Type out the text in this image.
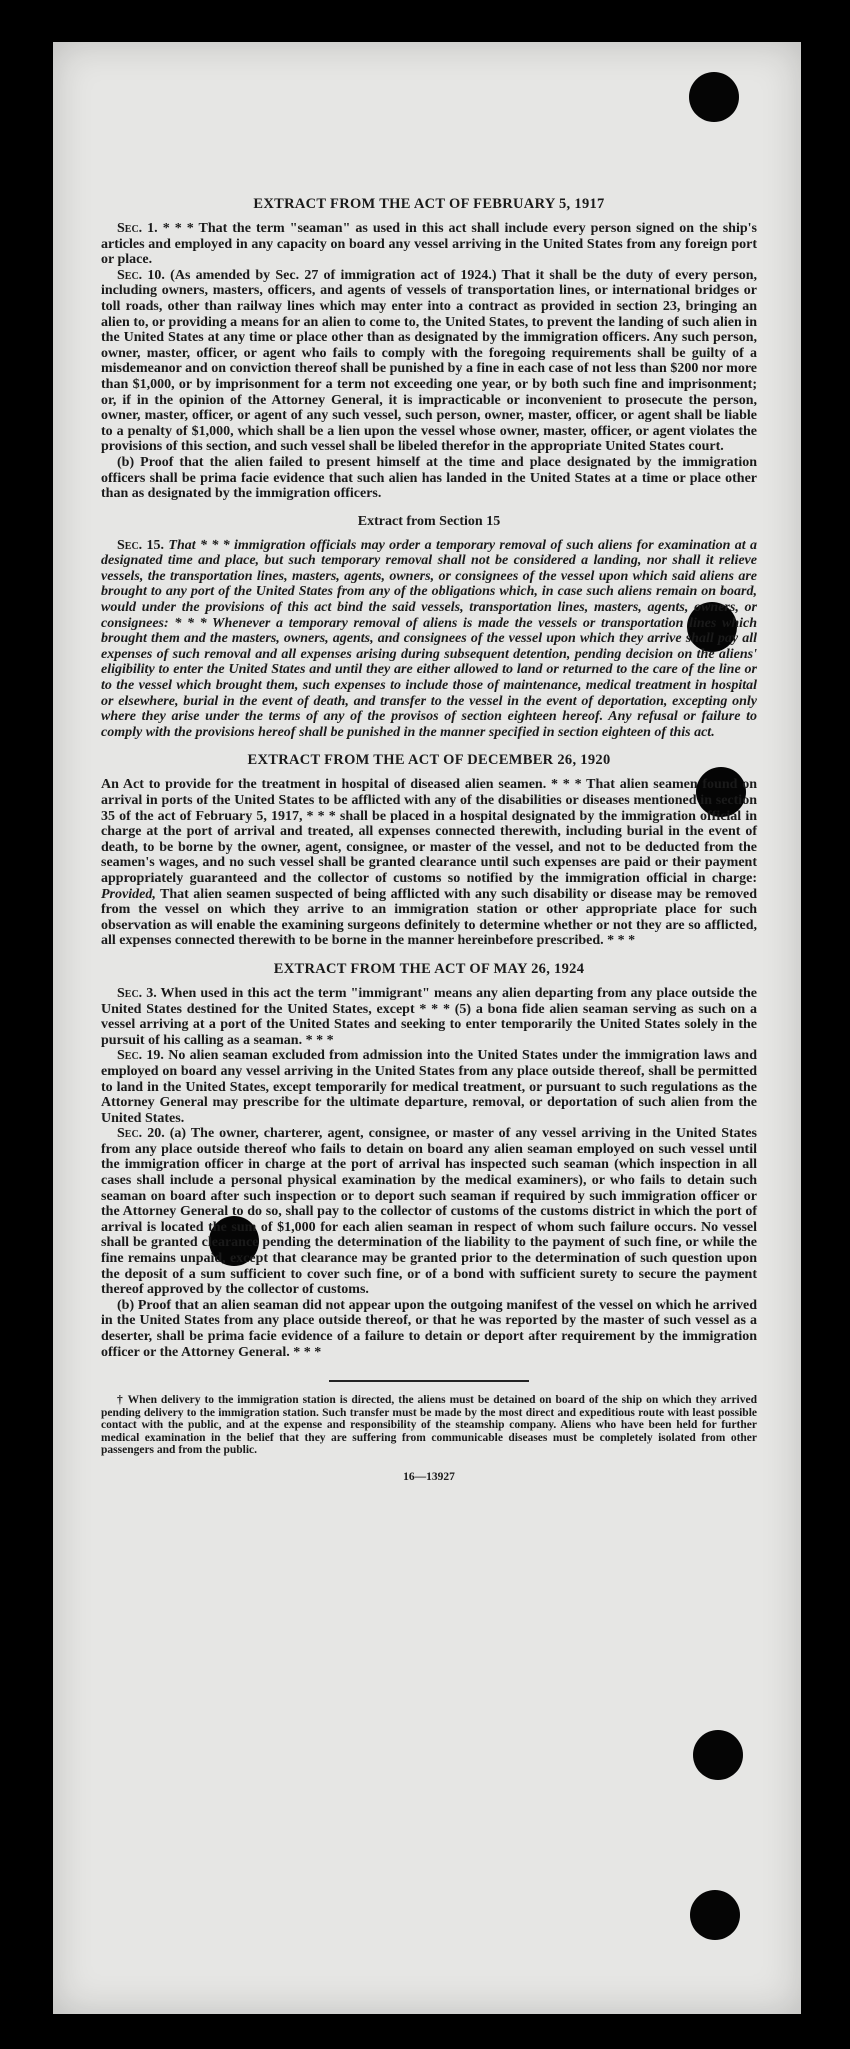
EXTRACT FROM THE ACT OF FEBRUARY 5, 1917

Sec. 1. * * * That the term "seaman" as used in this act shall include every person signed on the ship's articles and employed in any capacity on board any vessel arriving in the United States from any foreign port or place.

Sec. 10. (As amended by Sec. 27 of immigration act of 1924.) That it shall be the duty of every person, including owners, masters, officers, and agents of vessels of transportation lines, or international bridges or toll roads, other than railway lines which may enter into a contract as provided in section 23, bringing an alien to, or providing a means for an alien to come to, the United States, to prevent the landing of such alien in the United States at any time or place other than as designated by the immigration officers. Any such person, owner, master, officer, or agent who fails to comply with the foregoing requirements shall be guilty of a misdemeanor and on conviction thereof shall be punished by a fine in each case of not less than $200 nor more than $1,000, or by imprisonment for a term not exceeding one year, or by both such fine and imprisonment; or, if in the opinion of the Attorney General, it is impracticable or inconvenient to prosecute the person, owner, master, officer, or agent of any such vessel, such person, owner, master, officer, or agent shall be liable to a penalty of $1,000, which shall be a lien upon the vessel whose owner, master, officer, or agent violates the provisions of this section, and such vessel shall be libeled therefor in the appropriate United States court.

(b) Proof that the alien failed to present himself at the time and place designated by the immigration officers shall be prima facie evidence that such alien has landed in the United States at a time or place other than as designated by the immigration officers.

Extract from Section 15

Sec. 15. That * * * immigration officials may order a temporary removal of such aliens for examination at a designated time and place, but such temporary removal shall not be considered a landing, nor shall it relieve vessels, the transportation lines, masters, agents, owners, or consignees of the vessel upon which said aliens are brought to any port of the United States from any of the obligations which, in case such aliens remain on board, would under the provisions of this act bind the said vessels, transportation lines, masters, agents, owners, or consignees: * * * Whenever a temporary removal of aliens is made the vessels or transportation lines which brought them and the masters, owners, agents, and consignees of the vessel upon which they arrive shall pay all expenses of such removal and all expenses arising during subsequent detention, pending decision on the aliens' eligibility to enter the United States and until they are either allowed to land or returned to the care of the line or to the vessel which brought them, such expenses to include those of maintenance, medical treatment in hospital or elsewhere, burial in the event of death, and transfer to the vessel in the event of deportation, excepting only where they arise under the terms of any of the provisos of section eighteen hereof. Any refusal or failure to comply with the provisions hereof shall be punished in the manner specified in section eighteen of this act.

EXTRACT FROM THE ACT OF DECEMBER 26, 1920

An Act to provide for the treatment in hospital of diseased alien seamen. * * * That alien seamen found on arrival in ports of the United States to be afflicted with any of the disabilities or diseases mentioned in section 35 of the act of February 5, 1917, * * * shall be placed in a hospital designated by the immigration official in charge at the port of arrival and treated, all expenses connected therewith, including burial in the event of death, to be borne by the owner, agent, consignee, or master of the vessel, and not to be deducted from the seamen's wages, and no such vessel shall be granted clearance until such expenses are paid or their payment appropriately guaranteed and the collector of customs so notified by the immigration official in charge: Provided, That alien seamen suspected of being afflicted with any such disability or disease may be removed from the vessel on which they arrive to an immigration station or other appropriate place for such observation as will enable the examining surgeons definitely to determine whether or not they are so afflicted, all expenses connected therewith to be borne in the manner hereinbefore prescribed. * * *

EXTRACT FROM THE ACT OF MAY 26, 1924

Sec. 3. When used in this act the term "immigrant" means any alien departing from any place outside the United States destined for the United States, except * * * (5) a bona fide alien seaman serving as such on a vessel arriving at a port of the United States and seeking to enter temporarily the United States solely in the pursuit of his calling as a seaman. * * *

Sec. 19. No alien seaman excluded from admission into the United States under the immigration laws and employed on board any vessel arriving in the United States from any place outside thereof, shall be permitted to land in the United States, except temporarily for medical treatment, or pursuant to such regulations as the Attorney General may prescribe for the ultimate departure, removal, or deportation of such alien from the United States.

Sec. 20. (a) The owner, charterer, agent, consignee, or master of any vessel arriving in the United States from any place outside thereof who fails to detain on board any alien seaman employed on such vessel until the immigration officer in charge at the port of arrival has inspected such seaman (which inspection in all cases shall include a personal physical examination by the medical examiners), or who fails to detain such seaman on board after such inspection or to deport such seaman if required by such immigration officer or the Attorney General to do so, shall pay to the collector of customs of the customs district in which the port of arrival is located the sum of $1,000 for each alien seaman in respect of whom such failure occurs. No vessel shall be granted clearance pending the determination of the liability to the payment of such fine, or while the fine remains unpaid, except that clearance may be granted prior to the determination of such question upon the deposit of a sum sufficient to cover such fine, or of a bond with sufficient surety to secure the payment thereof approved by the collector of customs.

(b) Proof that an alien seaman did not appear upon the outgoing manifest of the vessel on which he arrived in the United States from any place outside thereof, or that he was reported by the master of such vessel as a deserter, shall be prima facie evidence of a failure to detain or deport after requirement by the immigration officer or the Attorney General. * * *

† When delivery to the immigration station is directed, the aliens must be detained on board of the ship on which they arrived pending delivery to the immigration station. Such transfer must be made by the most direct and expeditious route with least possible contact with the public, and at the expense and responsibility of the steamship company. Aliens who have been held for further medical examination in the belief that they are suffering from communicable diseases must be completely isolated from other passengers and from the public.

16—13927
